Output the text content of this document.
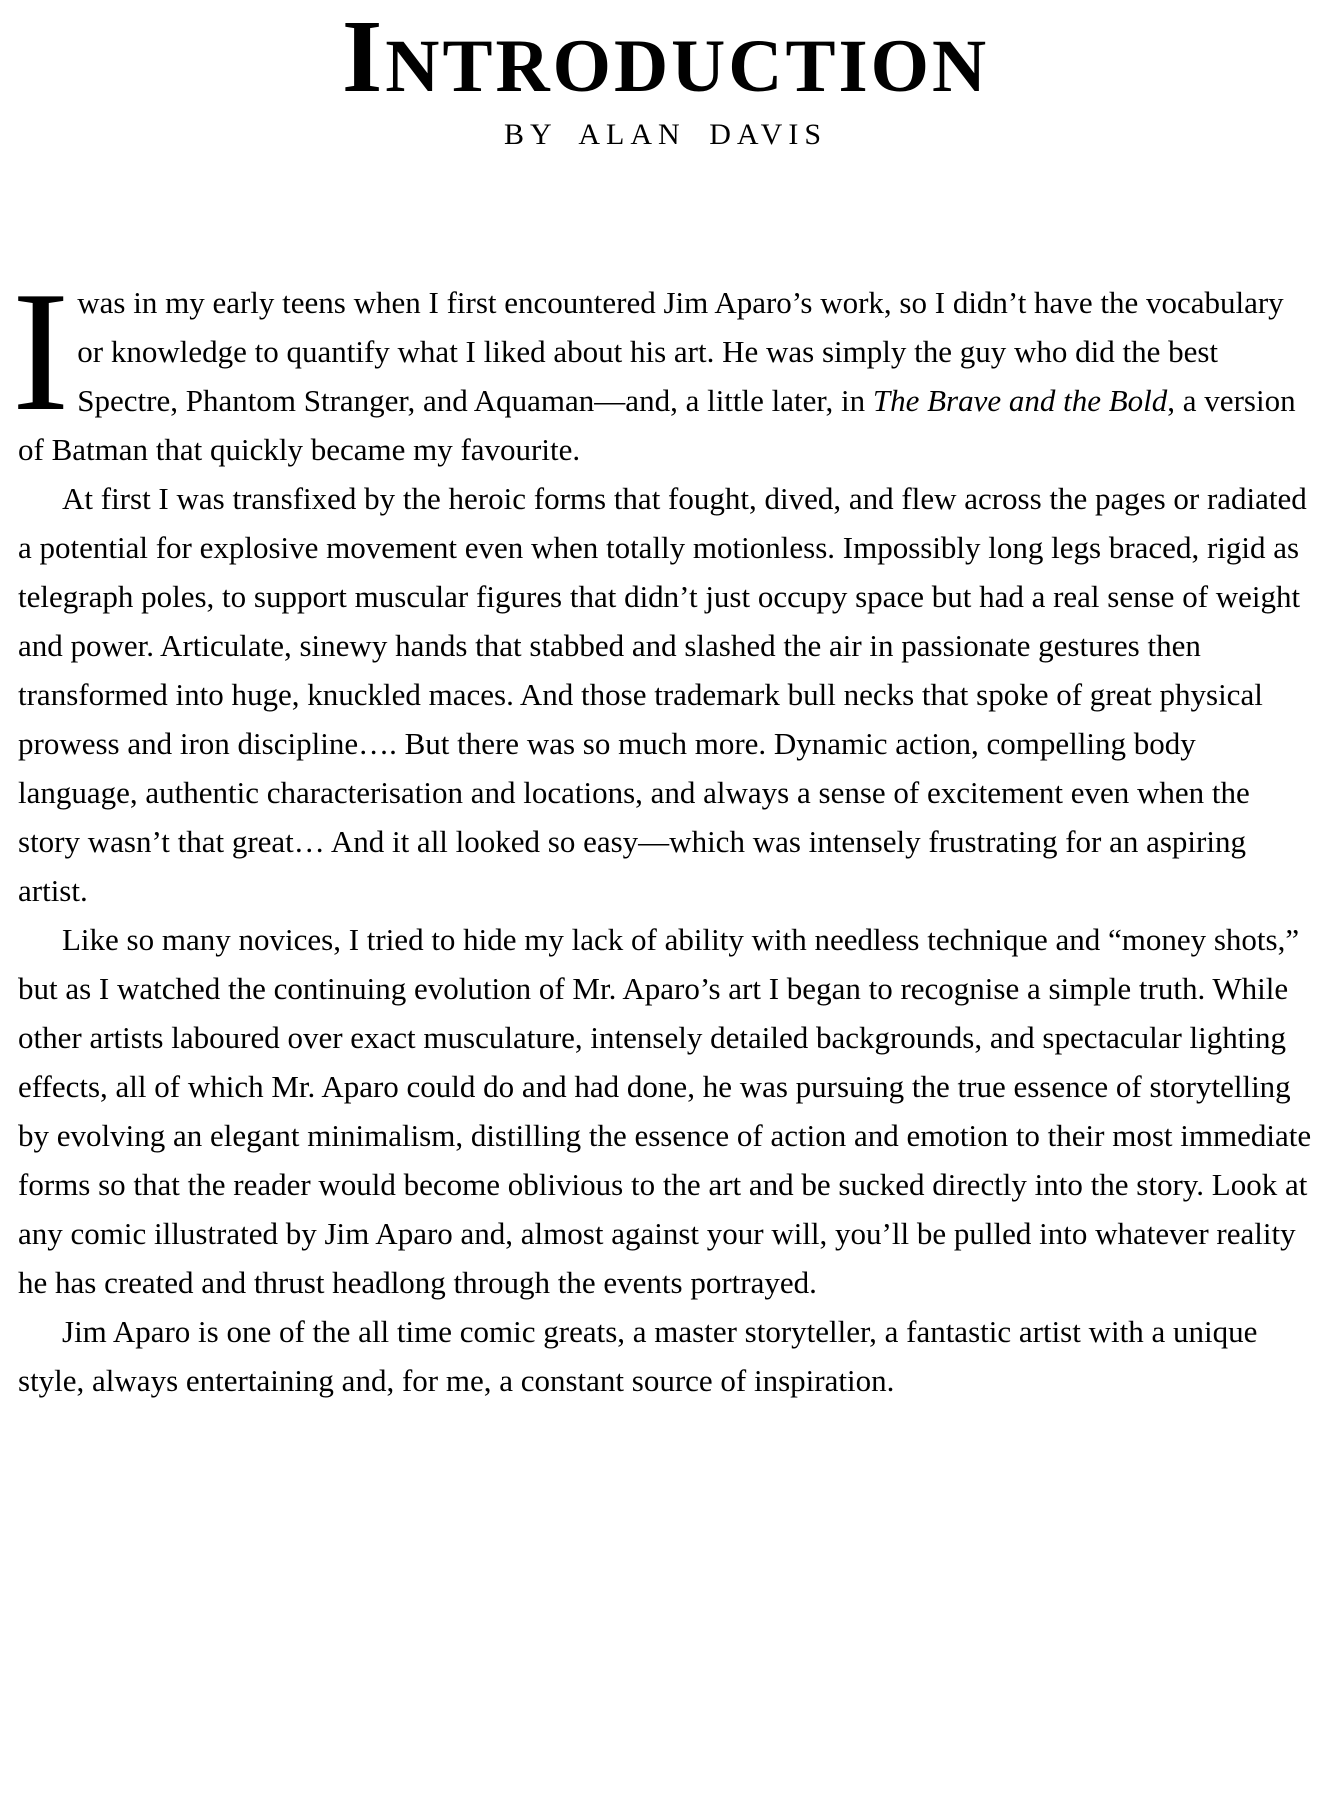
INTRODUCTION
BY ALAN DAVIS

Iwas in my early teens when I first encountered Jim Aparo’s work, so I didn’t have the vocabulary or knowledge to quantify what I liked about his art. He was simply the guy who did the best Spectre, Phantom Stranger, and Aquaman—and, a little later, in The Brave and the Bold, a version of Batman that quickly became my favourite.

At first I was transfixed by the heroic forms that fought, dived, and flew across the pages or radiated a potential for explosive movement even when totally motionless. Impossibly long legs braced, rigid as telegraph poles, to support muscular figures that didn’t just occupy space but had a real sense of weight and power. Articulate, sinewy hands that stabbed and slashed the air in passionate gestures then transformed into huge, knuckled maces. And those trademark bull necks that spoke of great physical prowess and iron discipline…. But there was so much more. Dynamic action, compelling body language, authentic characterisation and locations, and always a sense of excitement even when the story wasn’t that great… And it all looked so easy—which was intensely frustrating for an aspiring artist.

Like so many novices, I tried to hide my lack of ability with needless technique and “money shots,” but as I watched the continuing evolution of Mr. Aparo’s art I began to recognise a simple truth. While other artists laboured over exact musculature, intensely detailed backgrounds, and spectacular lighting effects, all of which Mr. Aparo could do and had done, he was pursuing the true essence of storytelling by evolving an elegant minimalism, distilling the essence of action and emotion to their most immediate forms so that the reader would become oblivious to the art and be sucked directly into the story. Look at any comic illustrated by Jim Aparo and, almost against your will, you’ll be pulled into whatever reality he has created and thrust headlong through the events portrayed.

Jim Aparo is one of the all time comic greats, a master storyteller, a fantastic artist with a unique style, always entertaining and, for me, a constant source of inspiration.
